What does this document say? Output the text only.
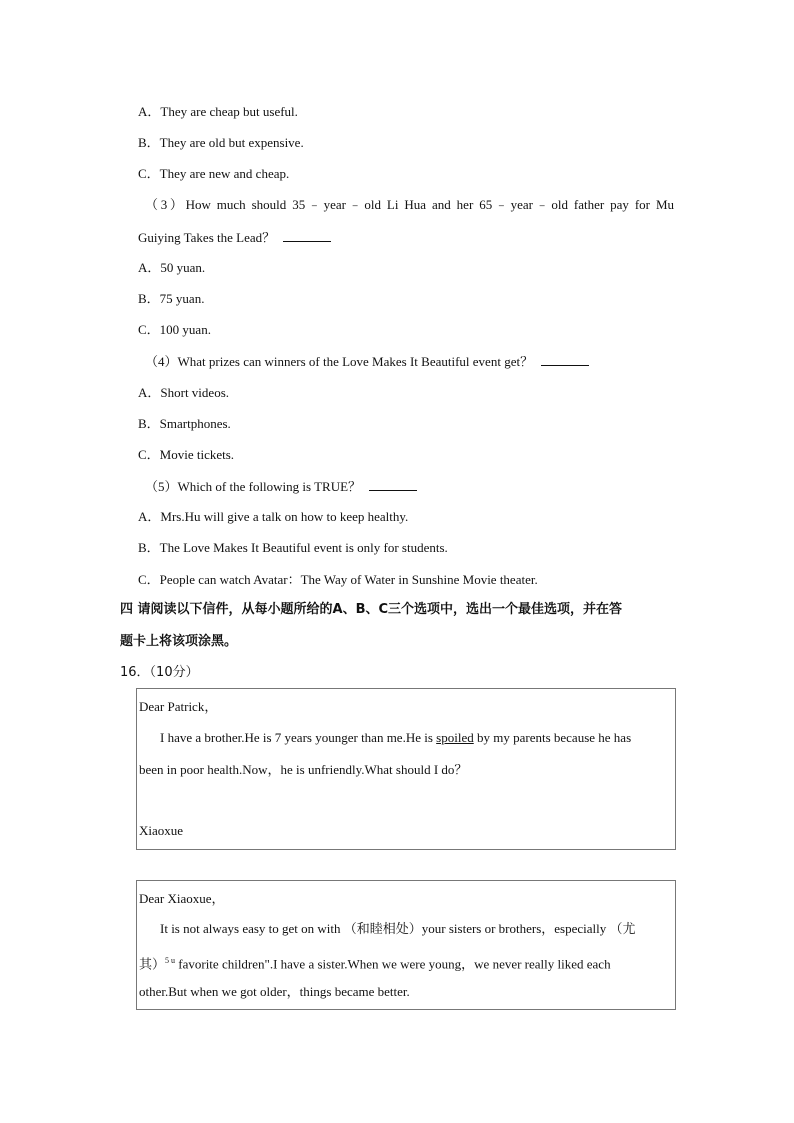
A．They are cheap but useful.
B．They are old but expensive.
C．They are new and cheap.
（3）How much should 35﹣year﹣old Li Hua and her 65﹣year﹣old father pay for Mu
Guiying Takes the Lead？
A．50 yuan.
B．75 yuan.
C．100 yuan.
（4）What prizes can winners of the Love Makes It Beautiful event get？
A．Short videos.
B．Smartphones.
C．Movie tickets.
（5）Which of the following is TRUE？
A．Mrs.Hu will give a talk on how to keep healthy.
B．The Love Makes It Beautiful event is only for students.
C．People can watch Avatar：The Way of Water in Sunshine Movie theater.
四 请阅读以下信件，从每小题所给的A、B、C三个选项中，选出一个最佳选项，并在答
题卡上将该项涂黑。
16．（10分）
Dear Patrick，
I have a brother.He is 7 years younger than me.He is spoiled by my parents because he has
been in poor health.Now，he is unfriendly.What should I do？
Xiaoxue
Dear Xiaoxue，
It is not always easy to get on with （和睦相处）your sisters or brothers，especially （尤
其）$^{5 u}$ favorite children".I have a sister.When we were young，we never really liked each
other.But when we got older，things became better.
